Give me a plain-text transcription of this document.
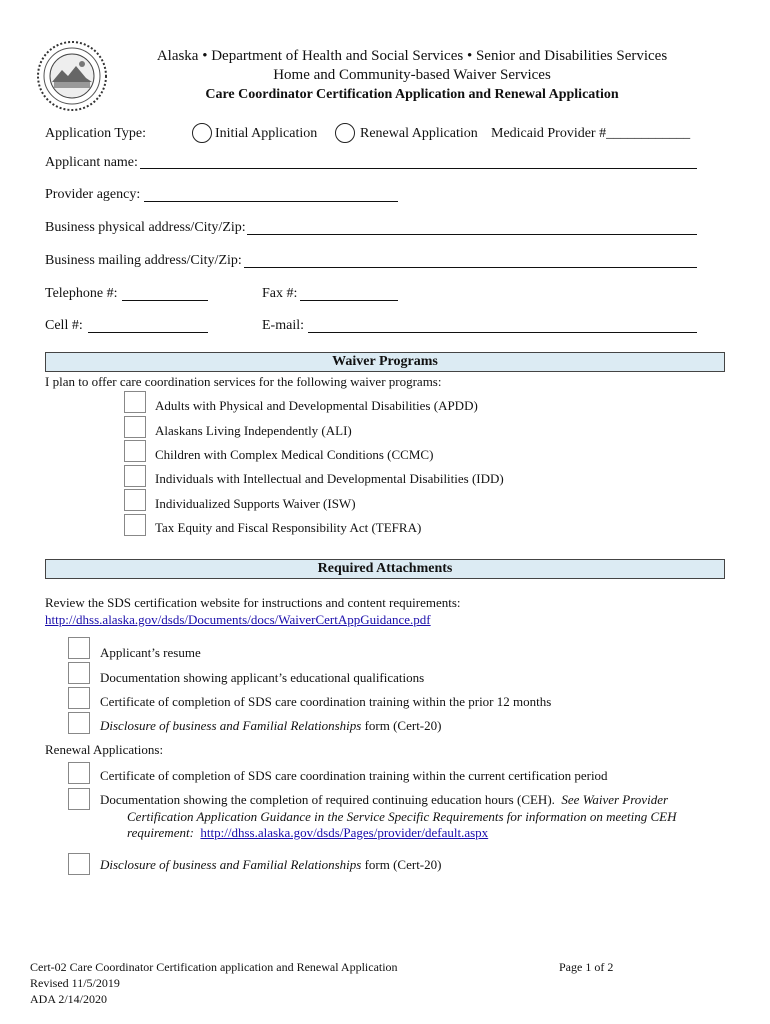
Alaska • Department of Health and Social Services • Senior and Disabilities Services
Home and Community-based Waiver Services
Care Coordinator Certification Application and Renewal Application
Application Type:	Initial Application	Renewal Application Medicaid Provider #____________
Applicant name:
Provider agency:
Business physical address/City/Zip:
Business mailing address/City/Zip:
Telephone #:	Fax #:
Cell #:	E-mail:
Waiver Programs
I plan to offer care coordination services for the following waiver programs:
Adults with Physical and Developmental Disabilities (APDD)
Alaskans Living Independently (ALI)
Children with Complex Medical Conditions (CCMC)
Individuals with Intellectual and Developmental Disabilities (IDD)
Individualized Supports Waiver (ISW)
Tax Equity and Fiscal Responsibility Act (TEFRA)
Required Attachments
Review the SDS certification website for instructions and content requirements:
http://dhss.alaska.gov/dsds/Documents/docs/WaiverCertAppGuidance.pdf
Applicant’s resume
Documentation showing applicant’s educational qualifications
Certificate of completion of SDS care coordination training within the prior 12 months
Disclosure of business and Familial Relationships form (Cert-20)
Renewal Applications:
Certificate of completion of SDS care coordination training within the current certification period
Documentation showing the completion of required continuing education hours (CEH). See Waiver Provider
Certification Application Guidance in the Service Specific Requirements for information on meeting CEH
requirement: http://dhss.alaska.gov/dsds/Pages/provider/default.aspx
Disclosure of business and Familial Relationships form (Cert-20)
Cert-02 Care Coordinator Certification application and Renewal Application
Revised 11/5/2019
ADA 2/14/2020
Page 1 of 2
